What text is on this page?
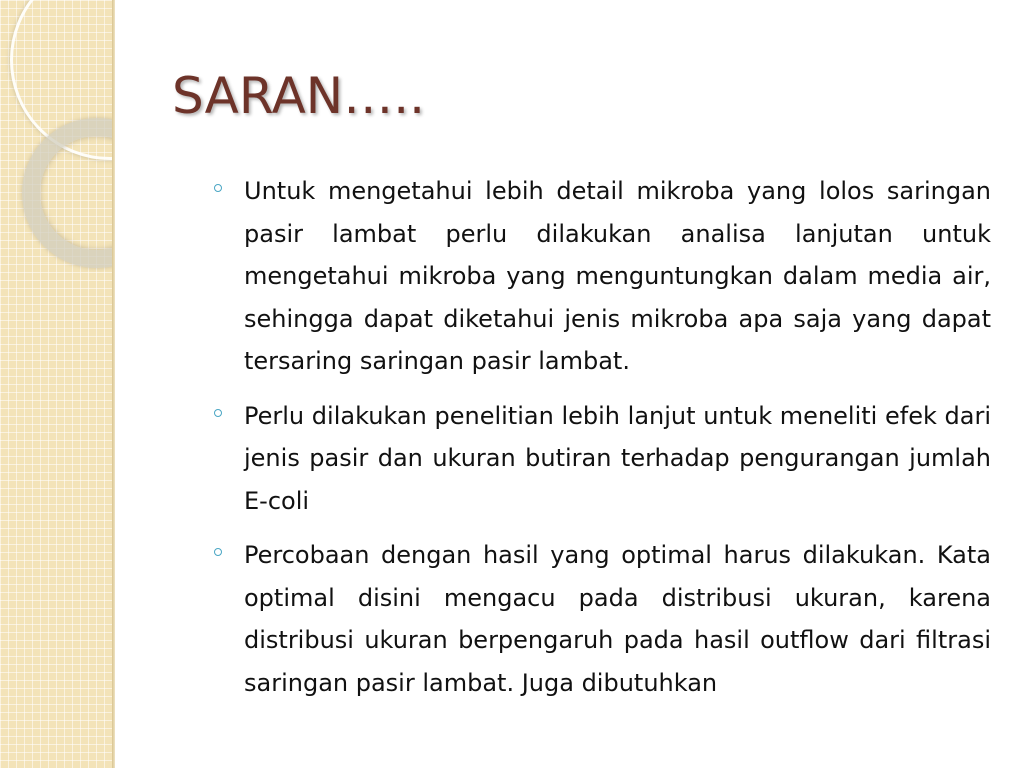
SARAN…..
Untuk mengetahui lebih detail mikroba yang lolos saringan pasir lambat perlu dilakukan analisa lanjutan untuk mengetahui mikroba yang menguntungkan dalam media air, sehingga dapat diketahui jenis mikroba apa saja yang dapat tersaring saringan pasir lambat.
Perlu dilakukan penelitian lebih lanjut untuk meneliti efek dari jenis pasir dan ukuran butiran terhadap pengurangan jumlah E-coli
Percobaan dengan hasil yang optimal harus dilakukan. Kata optimal disini mengacu pada distribusi ukuran, karena distribusi ukuran berpengaruh pada hasil outflow dari filtrasi saringan pasir lambat. Juga dibutuhkan
